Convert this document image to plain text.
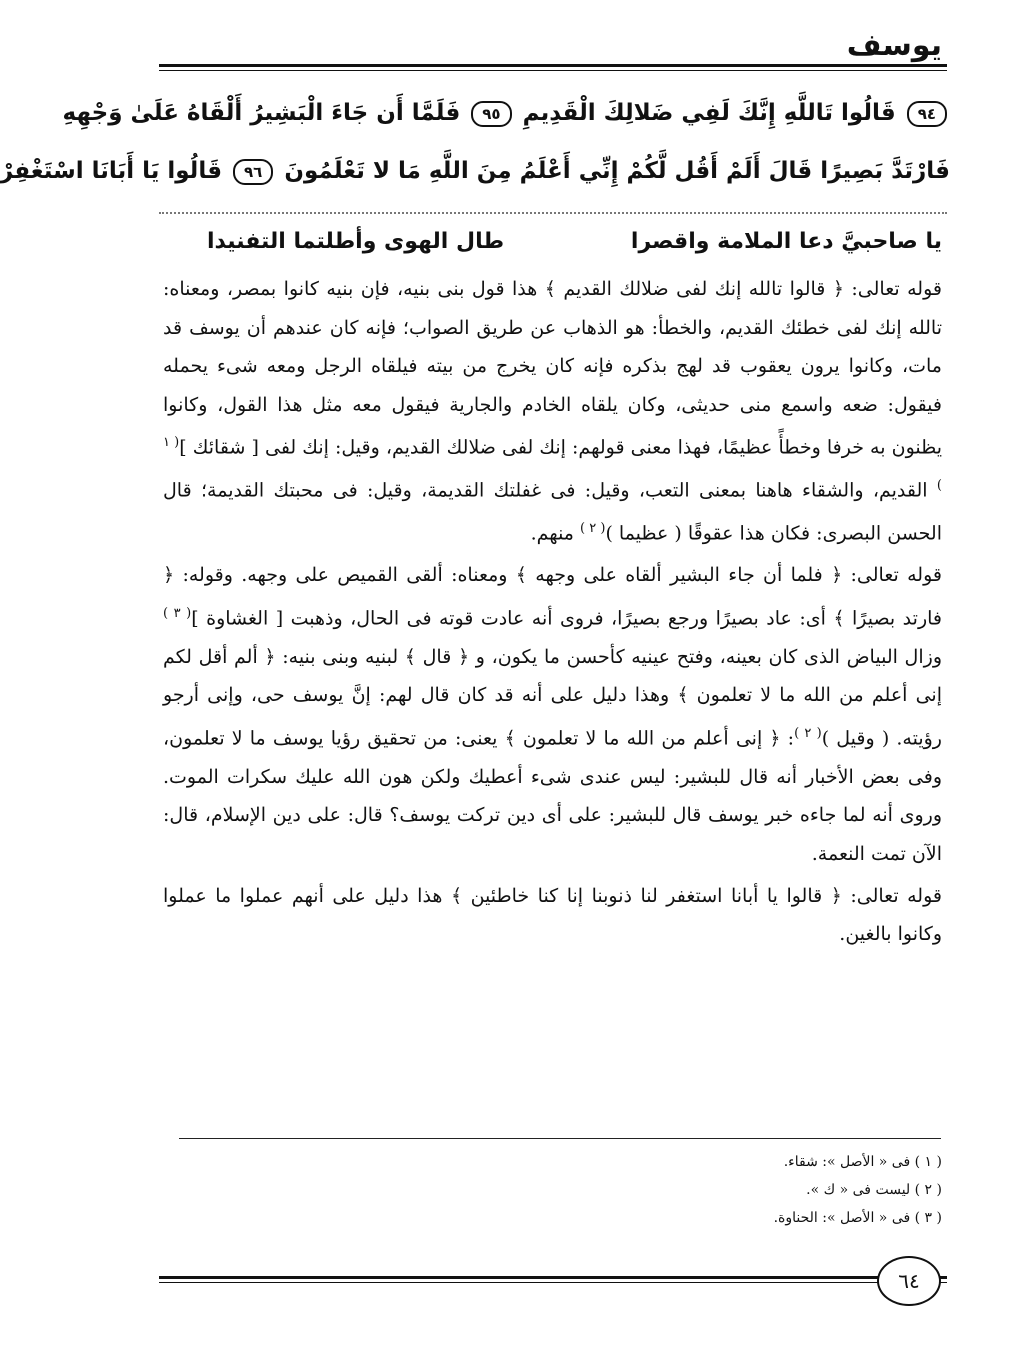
يوسف
٩٤ قَالُوا تَاللَّهِ إِنَّكَ لَفِي ضَلالِكَ الْقَدِيمِ ٩٥ فَلَمَّا أَن جَاءَ الْبَشِيرُ أَلْقَاهُ عَلَىٰ وَجْهِهِ
فَارْتَدَّ بَصِيرًا قَالَ أَلَمْ أَقُل لَّكُمْ إِنِّي أَعْلَمُ مِنَ اللَّهِ مَا لا تَعْلَمُونَ ٩٦ قَالُوا يَا أَبَانَا اسْتَغْفِرْ
يا صاحبيَّ دعا الملامة واقصرا
طال الهوى وأطلتما التفنيدا

قوله تعالى: ﴿ قالوا تالله إنك لفى ضلالك القديم ﴾ هذا قول بنى بنيه، فإن بنيه كانوا بمصر، ومعناه: تالله إنك لفى خطئك القديم، والخطأ: هو الذهاب عن طريق الصواب؛ فإنه كان عندهم أن يوسف قد مات، وكانوا يرون يعقوب قد لهج بذكره فإنه كان يخرج من بيته فيلقاه الرجل ومعه شىء يحمله فيقول: ضعه واسمع منى حديثى، وكان يلقاه الخادم والجارية فيقول معه مثل هذا القول، وكانوا يظنون به خرفا وخطأً عظيمًا، فهذا معنى قولهم: إنك لفى ضلالك القديم، وقيل: إنك لفى [ شقائك ]$^{( ١ )}$ القديم، والشقاء هاهنا بمعنى التعب، وقيل: فى غفلتك القديمة، وقيل: فى محبتك القديمة؛ قال الحسن البصرى: فكان هذا عقوقًا ( عظيما )$^{( ٢ )}$ منهم.

قوله تعالى: ﴿ فلما أن جاء البشير ألقاه على وجهه ﴾ ومعناه: ألقى القميص على وجهه. وقوله: ﴿ فارتد بصيرًا ﴾ أى: عاد بصيرًا ورجع بصيرًا، فروى أنه عادت قوته فى الحال، وذهبت [ الغشاوة ]$^{( ٣ )}$ وزال البياض الذى كان بعينه، وفتح عينيه كأحسن ما يكون، و ﴿ قال ﴾ لبنيه وبنى بنيه: ﴿ ألم أقل لكم إنى أعلم من الله ما لا تعلمون ﴾ وهذا دليل على أنه قد كان قال لهم: إنَّ يوسف حى، وإنى أرجو رؤيته. ( وقيل )$^{( ٢ )}$: ﴿ إنى أعلم من الله ما لا تعلمون ﴾ يعنى: من تحقيق رؤيا يوسف ما لا تعلمون، وفى بعض الأخبار أنه قال للبشير: ليس عندى شىء أعطيك ولكن هون الله عليك سكرات الموت. وروى أنه لما جاءه خبر يوسف قال للبشير: على أى دين تركت يوسف؟ قال: على دين الإسلام، قال: الآن تمت النعمة.

قوله تعالى: ﴿ قالوا يا أبانا استغفر لنا ذنوبنا إنا كنا خاطئين ﴾ هذا دليل على أنهم عملوا ما عملوا وكانوا بالغين.

( ١ ) فى « الأصل »: شقاء.
( ٢ ) ليست فى « ك ».
( ٣ ) فى « الأصل »: الحناوة.
٦٤
